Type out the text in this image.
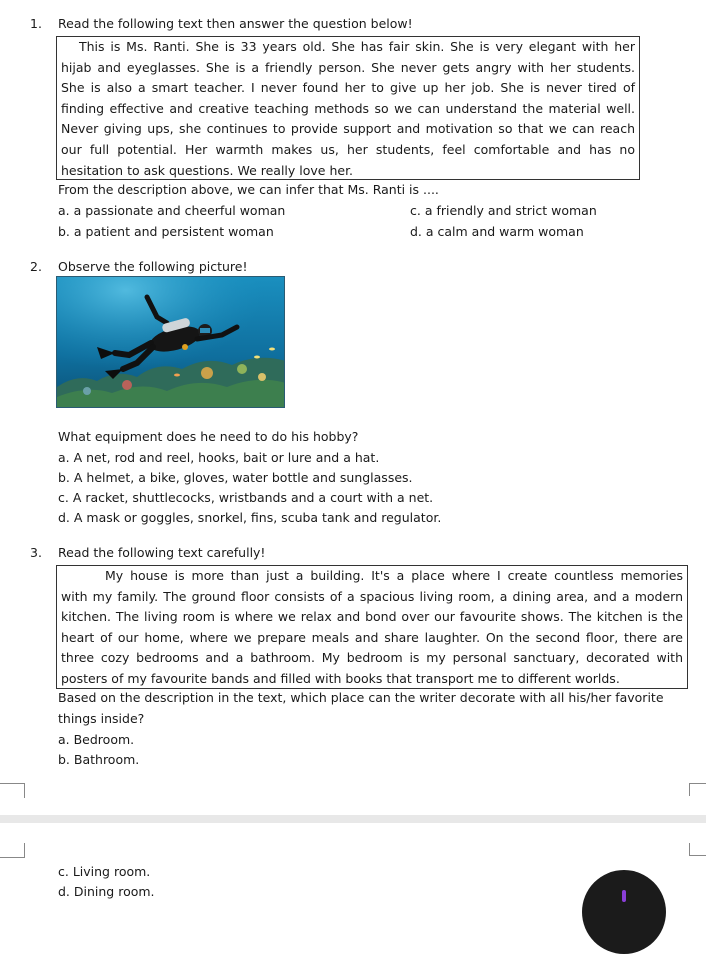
1. Read the following text then answer the question below!

This is Ms. Ranti. She is 33 years old. She has fair skin. She is very elegant with her

hijab and eyeglasses. She is a friendly person. She never gets angry with her students.

She is also a smart teacher. I never found her to give up her job. She is never tired of

finding effective and creative teaching methods so we can understand the material well.

Never giving ups, she continues to provide support and motivation so that we can reach

our full potential. Her warmth makes us, her students, feel comfortable and has no

hesitation to ask questions. We really love her.

From the description above, we can infer that Ms. Ranti is ....
a. a passionate and cheerful woman	c. a friendly and strict woman
b. a patient and persistent woman	d. a calm and warm woman
2. Observe the following picture!
What equipment does he need to do his hobby?
a. A net, rod and reel, hooks, bait or lure and a hat.
b. A helmet, a bike, gloves, water bottle and sunglasses.
c. A racket, shuttlecocks, wristbands and a court with a net.
d. A mask or goggles, snorkel, fins, scuba tank and regulator.
3. Read the following text carefully!

My house is more than just a building. It's a place where I create countless memories

with my family. The ground floor consists of a spacious living room, a dining area, and a modern

kitchen. The living room is where we relax and bond over our favourite shows. The kitchen is the

heart of our home, where we prepare meals and share laughter. On the second floor, there are

three cozy bedrooms and a bathroom. My bedroom is my personal sanctuary, decorated with

posters of my favourite bands and filled with books that transport me to different worlds.

Based on the description in the text, which place can the writer decorate with all his/her favorite
things inside?
a. Bedroom.
b. Bathroom.
c. Living room.
d. Dining room.
